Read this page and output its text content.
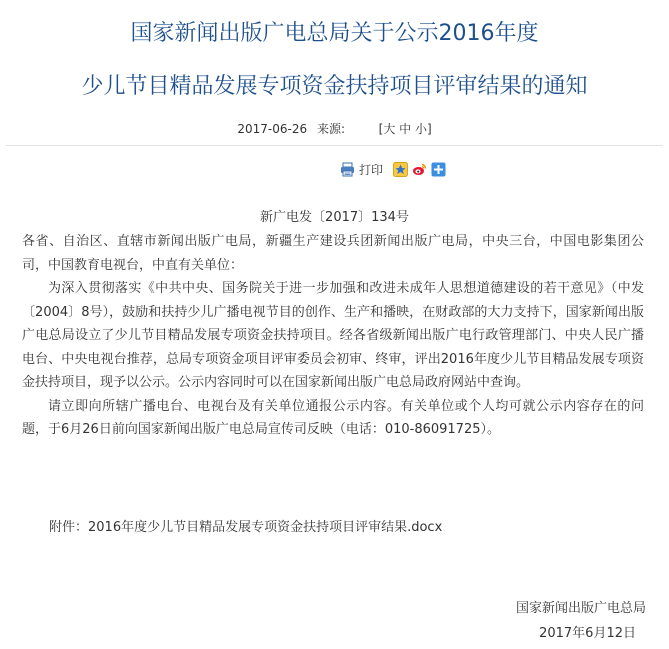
国家新闻出版广电总局关于公示2016年度
少儿节目精品发展专项资金扶持项目评审结果的通知
2017-06-26 来源:	[大 中 小]
打印
新广电发〔2017〕134号

各省、自治区、直辖市新闻出版广电局，新疆生产建设兵团新闻出版广电局，中央三台，中国电影集团公司，中国教育电视台，中直有关单位：

为深入贯彻落实《中共中央、国务院关于进一步加强和改进未成年人思想道德建设的若干意见》（中发〔2004〕8号），鼓励和扶持少儿广播电视节目的创作、生产和播映，在财政部的大力支持下，国家新闻出版广电总局设立了少儿节目精品发展专项资金扶持项目。经各省级新闻出版广电行政管理部门、中央人民广播电台、中央电视台推荐，总局专项资金项目评审委员会初审、终审，评出2016年度少儿节目精品发展专项资金扶持项目，现予以公示。公示内容同时可以在国家新闻出版广电总局政府网站中查询。

请立即向所辖广播电台、电视台及有关单位通报公示内容。有关单位或个人均可就公示内容存在的问题，于6月26日前向国家新闻出版广电总局宣传司反映（电话：010-86091725）。

附件：2016年度少儿节目精品发展专项资金扶持项目评审结果.docx
国家新闻出版广电总局
2017年6月12日
